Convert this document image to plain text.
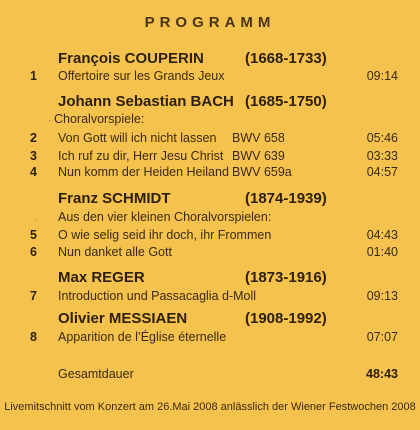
PROGRAMM
François COUPERIN	(1668-1733)
1 Offertoire sur les Grands Jeux	09:14
Johann Sebastian BACH (1685-1750)
· Choralvorspiele:
2 Von Gott will ich nicht lassen BWV 658	05:46
3 Ich ruf zu dir, Herr Jesu Christ BWV 639	03:33
4 Nun komm der Heiden Heiland BWV 659a	04:57
Franz SCHMIDT	(1874-1939)
· Aus den vier kleinen Choralvorspielen:
5 O wie selig seid ihr doch, ihr Frommen	04:43
6 Nun danket alle Gott	01:40
Max REGER	(1873-1916)
7 Introduction und Passacaglia d-Moll	09:13
Olivier MESSIAEN	(1908-1992)
8 Apparition de l’Église éternelle	07:07
Gesamtdauer	48:43
Livemitschnitt vom Konzert am 26.Mai 2008 anlässlich der Wiener Festwochen 2008
